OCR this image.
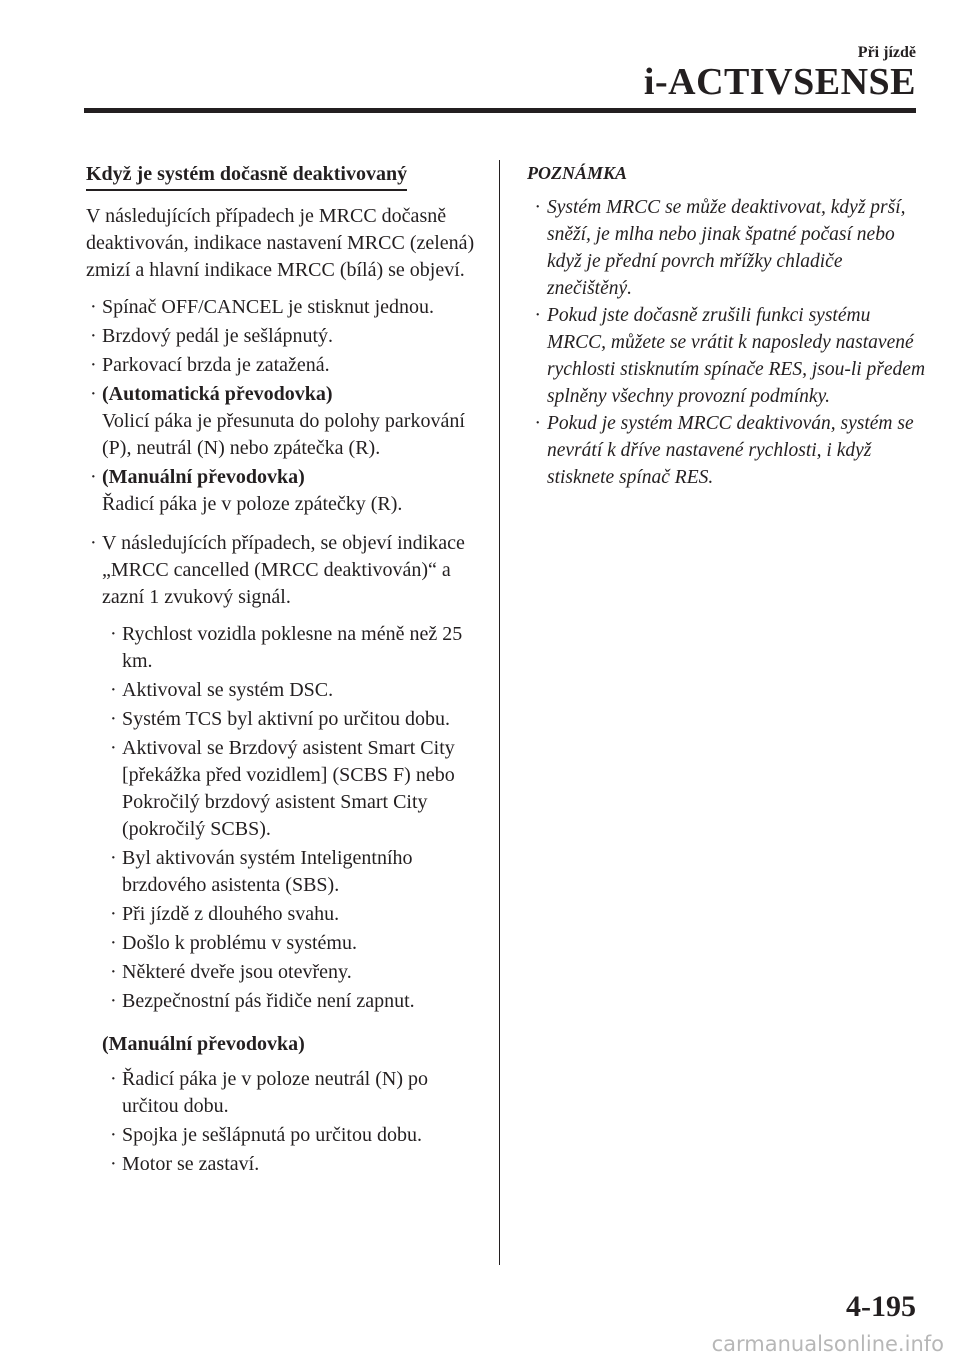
Při jízdě
i-ACTIVSENSE
Když je systém dočasně deaktivovaný

V následujících případech je MRCC dočasně deaktivován, indikace nastavení MRCC (zelená) zmizí a hlavní indikace MRCC (bílá) se objeví.

· Spínač OFF/CANCEL je stisknut jednou.
· Brzdový pedál je sešlápnutý.
· Parkovací brzda je zatažená.
· (Automatická převodovka)
Volicí páka je přesunuta do polohy parkování (P), neutrál (N) nebo zpátečka (R).
· (Manuální převodovka)
Řadicí páka je v poloze zpátečky (R).
· V následujících případech, se objeví indikace „MRCC cancelled (MRCC deaktivován)“ a zazní 1 zvukový signál.
· Rychlost vozidla poklesne na méně než 25 km.
· Aktivoval se systém DSC.
· Systém TCS byl aktivní po určitou dobu.
· Aktivoval se Brzdový asistent Smart City [překážka před vozidlem] (SCBS F) nebo Pokročilý brzdový asistent Smart City (pokročilý SCBS).
· Byl aktivován systém Inteligentního brzdového asistenta (SBS).
· Při jízdě z dlouhého svahu.
· Došlo k problému v systému.
· Některé dveře jsou otevřeny.
· Bezpečnostní pás řidiče není zapnut.
(Manuální převodovka)
· Řadicí páka je v poloze neutrál (N) po určitou dobu.
· Spojka je sešlápnutá po určitou dobu.
· Motor se zastaví.
POZNÁMKA
· Systém MRCC se může deaktivovat, když prší, sněží, je mlha nebo jinak špatné počasí nebo když je přední povrch mřížky chladiče znečištěný.
· Pokud jste dočasně zrušili funkci systému MRCC, můžete se vrátit k naposledy nastavené rychlosti stisknutím spínače RES, jsou-li předem splněny všechny provozní podmínky.
· Pokud je systém MRCC deaktivován, systém se nevrátí k dříve nastavené rychlosti, i když stisknete spínač RES.
4-195
carmanualsonline.info
